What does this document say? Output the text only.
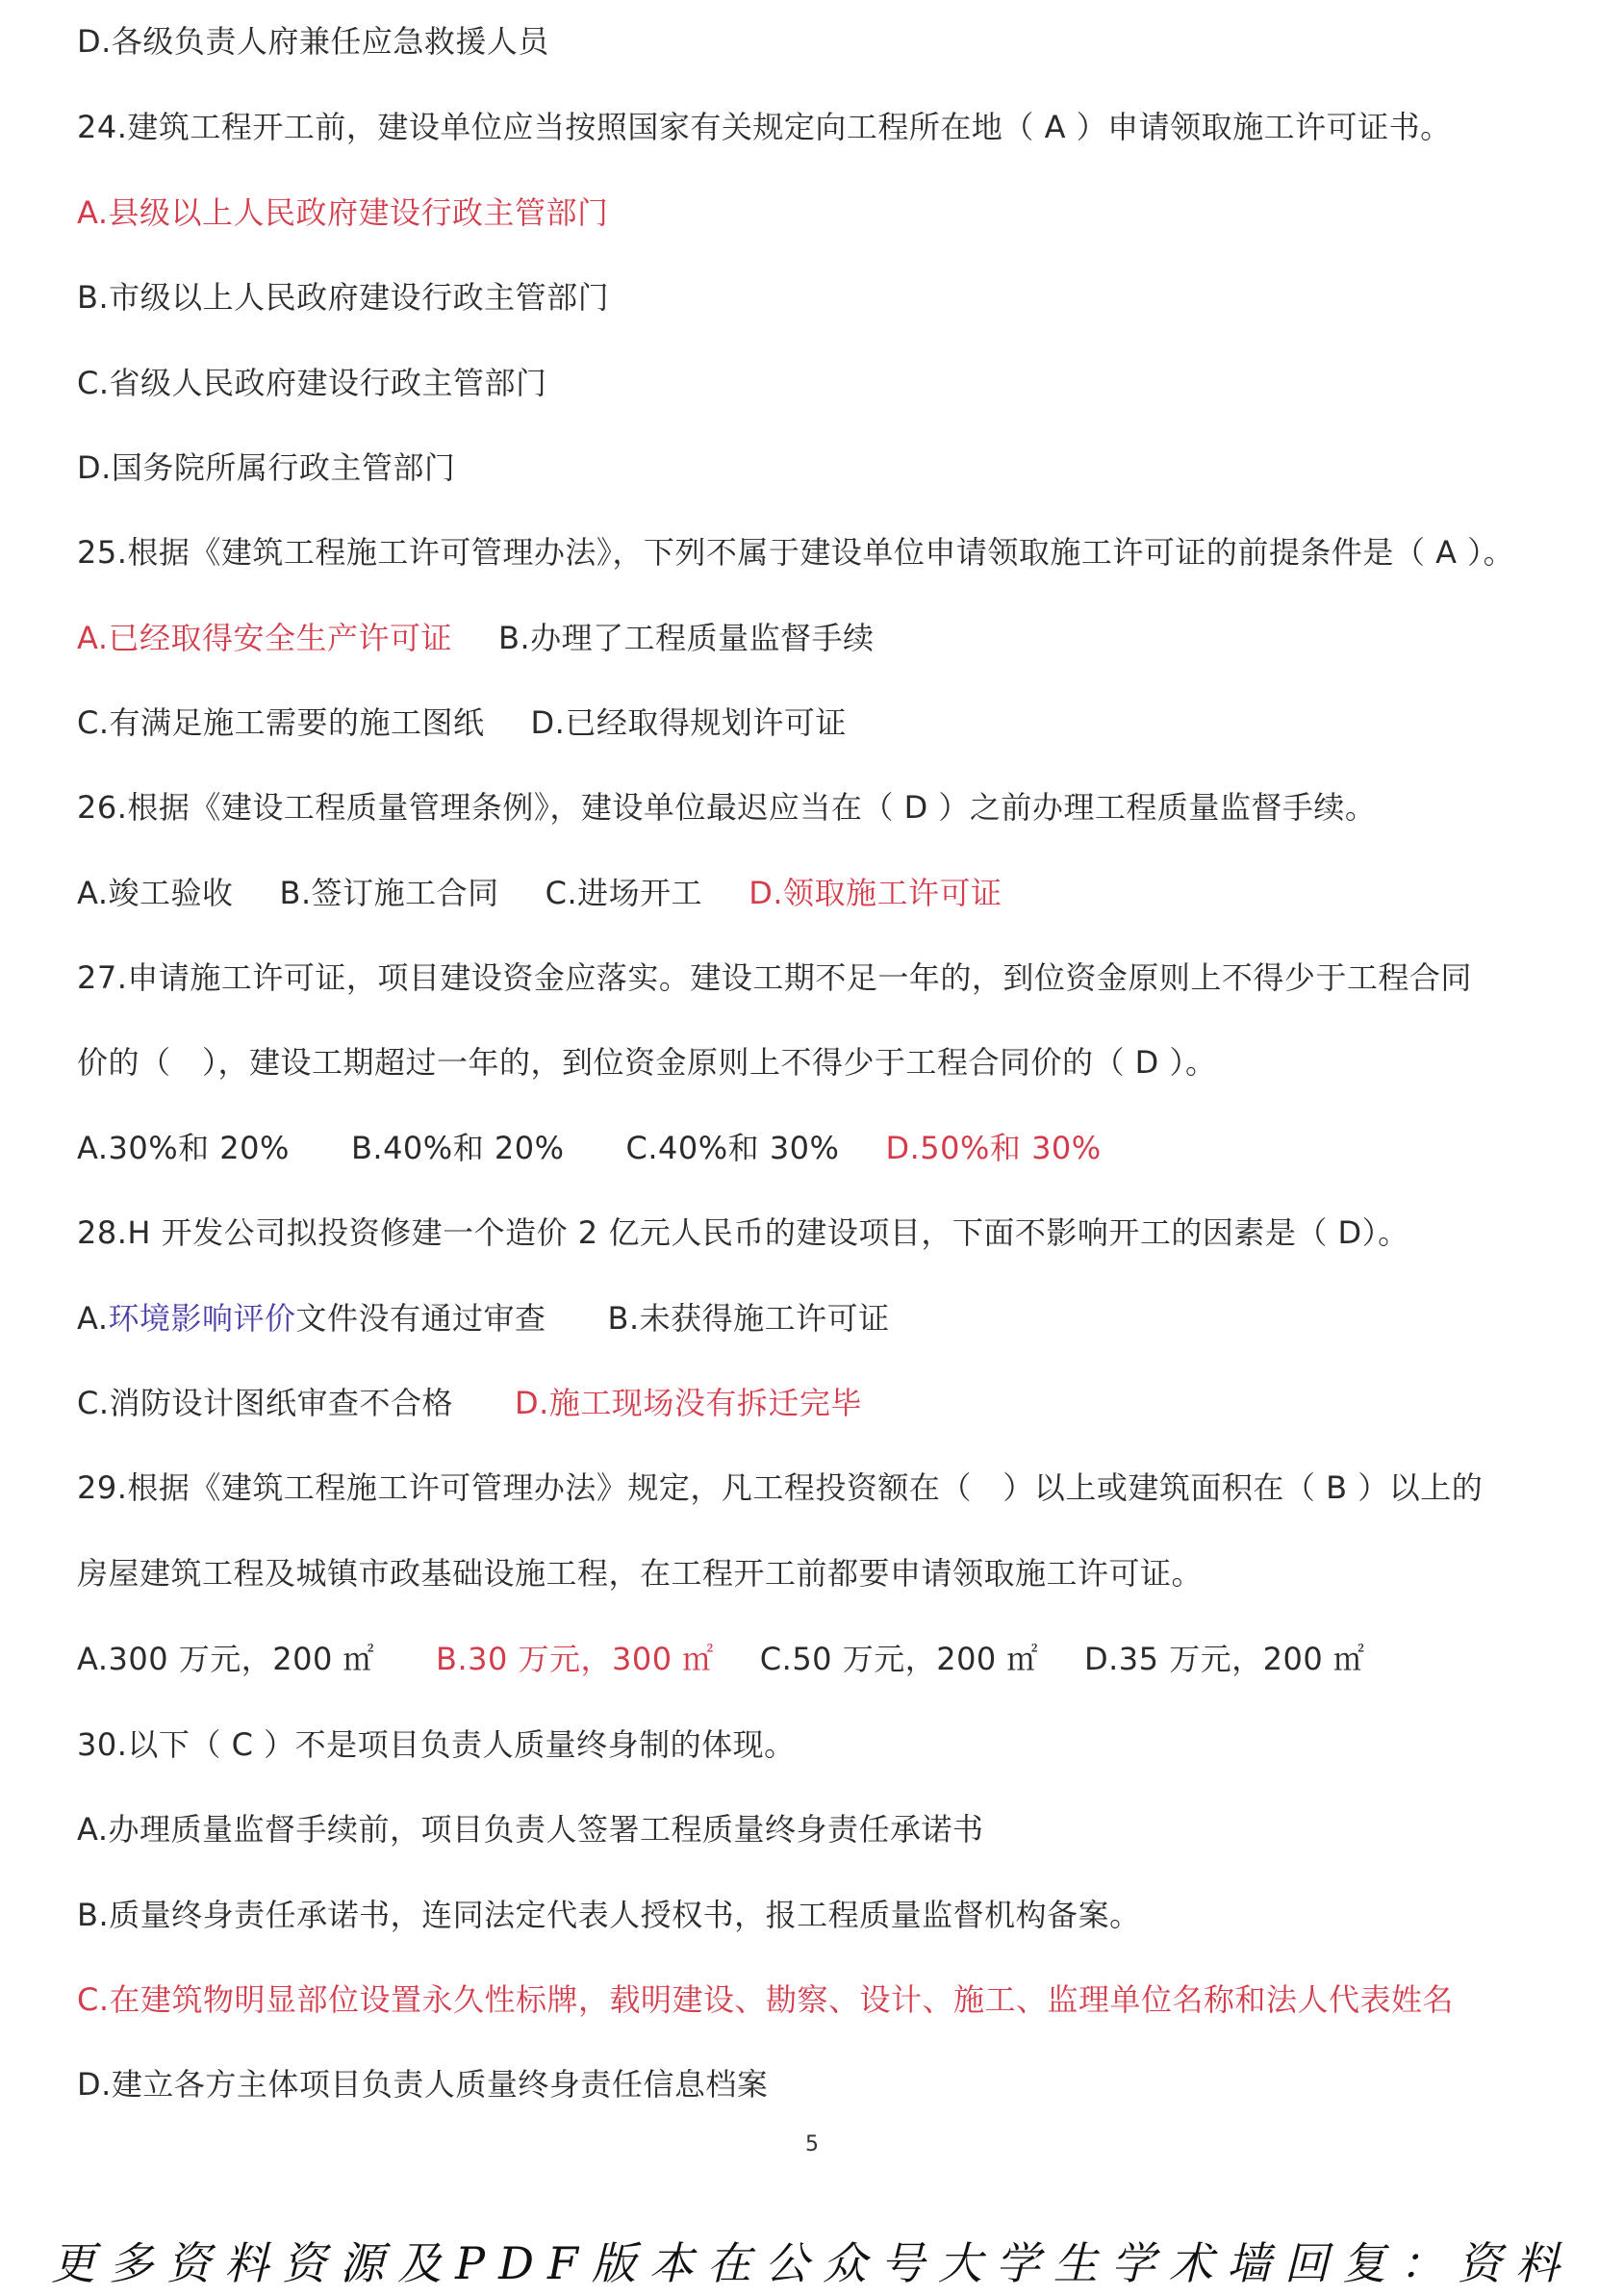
D.各级负责人府兼任应急救援人员
24.建筑工程开工前，建设单位应当按照国家有关规定向工程所在地（ A ）申请领取施工许可证书。
A.县级以上人民政府建设行政主管部门
B.市级以上人民政府建设行政主管部门
C.省级人民政府建设行政主管部门
D.国务院所属行政主管部门
25.根据《建筑工程施工许可管理办法》，下列不属于建设单位申请领取施工许可证的前提条件是（ A ）。
A.已经取得安全生产许可证 B.办理了工程质量监督手续
C.有满足施工需要的施工图纸 D.已经取得规划许可证
26.根据《建设工程质量管理条例》，建设单位最迟应当在（ D ）之前办理工程质量监督手续。
A.竣工验收 B.签订施工合同 C.进场开工 D.领取施工许可证
27.申请施工许可证，项目建设资金应落实。建设工期不足一年的，到位资金原则上不得少于工程合同
价的（　），建设工期超过一年的，到位资金原则上不得少于工程合同价的（ D ）。
A.30%和 20% B.40%和 20% C.40%和 30% D.50%和 30%
28.H 开发公司拟投资修建一个造价 2 亿元人民币的建设项目，下面不影响开工的因素是（ D）。
A.环境影响评价文件没有通过审查 B.未获得施工许可证
C.消防设计图纸审查不合格 D.施工现场没有拆迁完毕
29.根据《建筑工程施工许可管理办法》规定，凡工程投资额在（　）以上或建筑面积在（ B ）以上的
房屋建筑工程及城镇市政基础设施工程，在工程开工前都要申请领取施工许可证。
A.300 万元，200 ㎡ B.30 万元，300 ㎡ C.50 万元，200 ㎡ D.35 万元，200 ㎡
30.以下（ C ）不是项目负责人质量终身制的体现。
A.办理质量监督手续前，项目负责人签署工程质量终身责任承诺书
B.质量终身责任承诺书，连同法定代表人授权书，报工程质量监督机构备案。
C.在建筑物明显部位设置永久性标牌，载明建设、勘察、设计、施工、监理单位名称和法人代表姓名
D.建立各方主体项目负责人质量终身责任信息档案
5
更多资料资源及PDF版本在公众号大学生学术墙回复：资料
